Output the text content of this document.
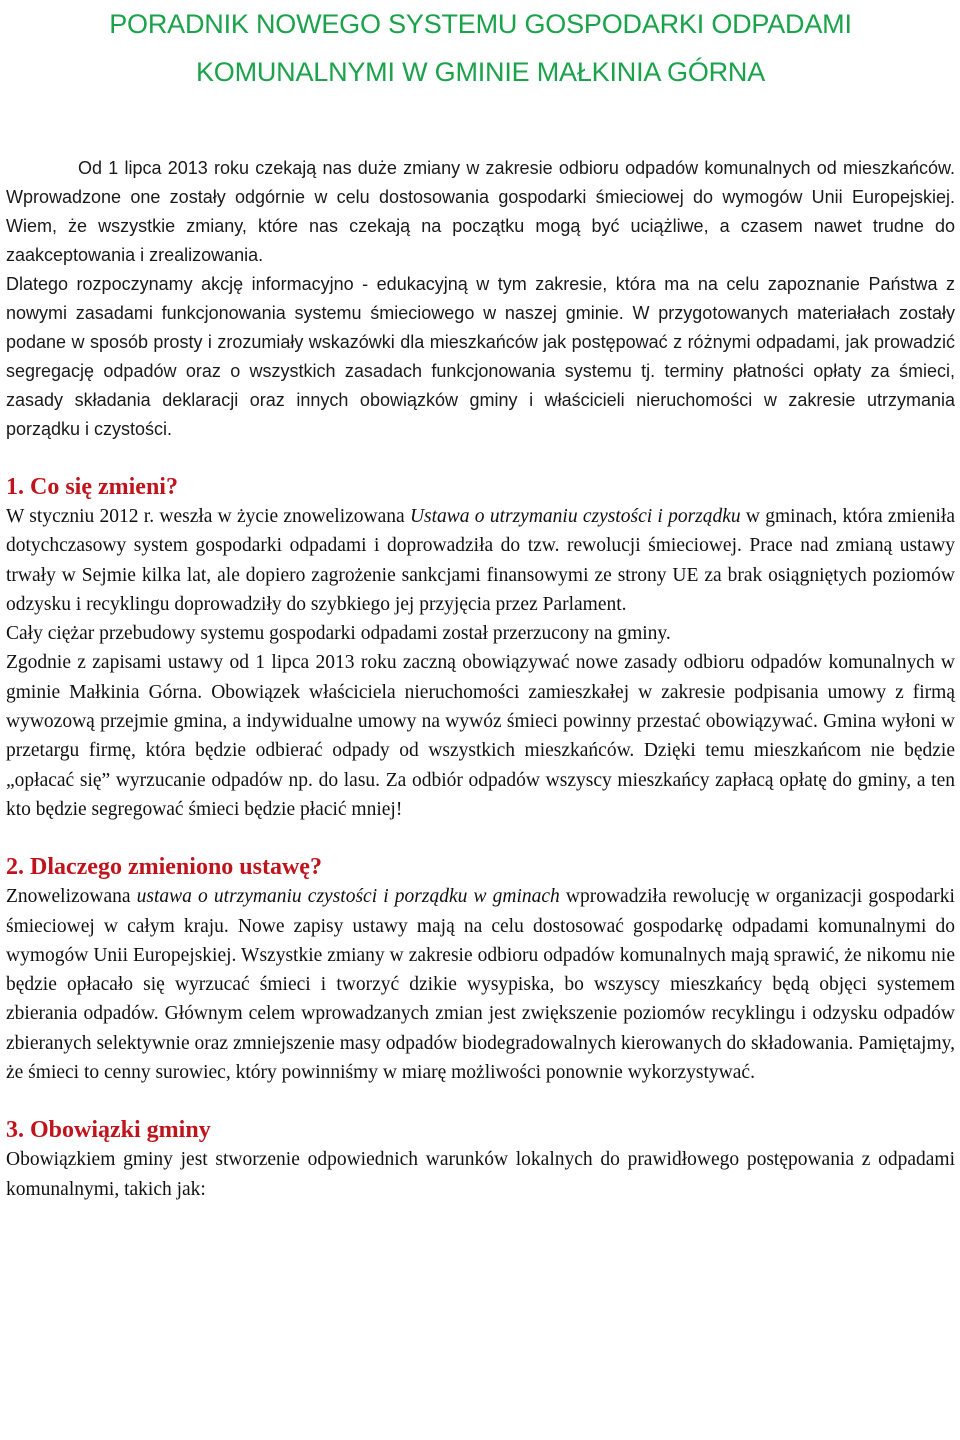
PORADNIK NOWEGO SYSTEMU GOSPODARKI ODPADAMI
KOMUNALNYMI W GMINIE MAŁKINIA GÓRNA

Od 1 lipca 2013 roku czekają nas duże zmiany w zakresie odbioru odpadów komunalnych od mieszkańców. Wprowadzone one zostały odgórnie w celu dostosowania gospodarki śmieciowej do wymogów Unii Europejskiej. Wiem, że wszystkie zmiany, które nas czekają na początku mogą być uciążliwe, a czasem nawet trudne do zaakceptowania i zrealizowania.

Dlatego rozpoczynamy akcję informacyjno - edukacyjną w tym zakresie, która ma na celu zapoznanie Państwa z nowymi zasadami funkcjonowania systemu śmieciowego w naszej gminie. W przygotowanych materiałach zostały podane w sposób prosty i zrozumiały wskazówki dla mieszkańców jak postępować z różnymi odpadami, jak prowadzić segregację odpadów oraz o wszystkich zasadach funkcjonowania systemu tj. terminy płatności opłaty za śmieci, zasady składania deklaracji oraz innych obowiązków gminy i właścicieli nieruchomości w zakresie utrzymania porządku i czystości.

1. Co się zmieni?

W styczniu 2012 r. weszła w życie znowelizowana Ustawa o utrzymaniu czystości i porządku w gminach, która zmieniła dotychczasowy system gospodarki odpadami i doprowadziła do tzw. rewolucji śmieciowej. Prace nad zmianą ustawy trwały w Sejmie kilka lat, ale dopiero zagrożenie sankcjami finansowymi ze strony UE za brak osiągniętych poziomów odzysku i recyklingu doprowadziły do szybkiego jej przyjęcia przez Parlament.

Cały ciężar przebudowy systemu gospodarki odpadami został przerzucony na gminy.

Zgodnie z zapisami ustawy od 1 lipca 2013 roku zaczną obowiązywać nowe zasady odbioru odpadów komunalnych w gminie Małkinia Górna. Obowiązek właściciela nieruchomości zamieszkałej w zakresie podpisania umowy z firmą wywozową przejmie gmina, a indywidualne umowy na wywóz śmieci powinny przestać obowiązywać. Gmina wyłoni w przetargu firmę, która będzie odbierać odpady od wszystkich mieszkańców. Dzięki temu mieszkańcom nie będzie „opłacać się” wyrzucanie odpadów np. do lasu. Za odbiór odpadów wszyscy mieszkańcy zapłacą opłatę do gminy, a ten kto będzie segregować śmieci będzie płacić mniej!

2. Dlaczego zmieniono ustawę?

Znowelizowana ustawa o utrzymaniu czystości i porządku w gminach wprowadziła rewolucję w organizacji gospodarki śmieciowej w całym kraju. Nowe zapisy ustawy mają na celu dostosować gospodarkę odpadami komunalnymi do wymogów Unii Europejskiej. Wszystkie zmiany w zakresie odbioru odpadów komunalnych mają sprawić, że nikomu nie będzie opłacało się wyrzucać śmieci i tworzyć dzikie wysypiska, bo wszyscy mieszkańcy będą objęci systemem zbierania odpadów. Głównym celem wprowadzanych zmian jest zwiększenie poziomów recyklingu i odzysku odpadów zbieranych selektywnie oraz zmniejszenie masy odpadów biodegradowalnych kierowanych do składowania. Pamiętajmy, że śmieci to cenny surowiec, który powinniśmy w miarę możliwości ponownie wykorzystywać.

3. Obowiązki gminy

Obowiązkiem gminy jest stworzenie odpowiednich warunków lokalnych do prawidłowego postępowania z odpadami komunalnymi, takich jak:
